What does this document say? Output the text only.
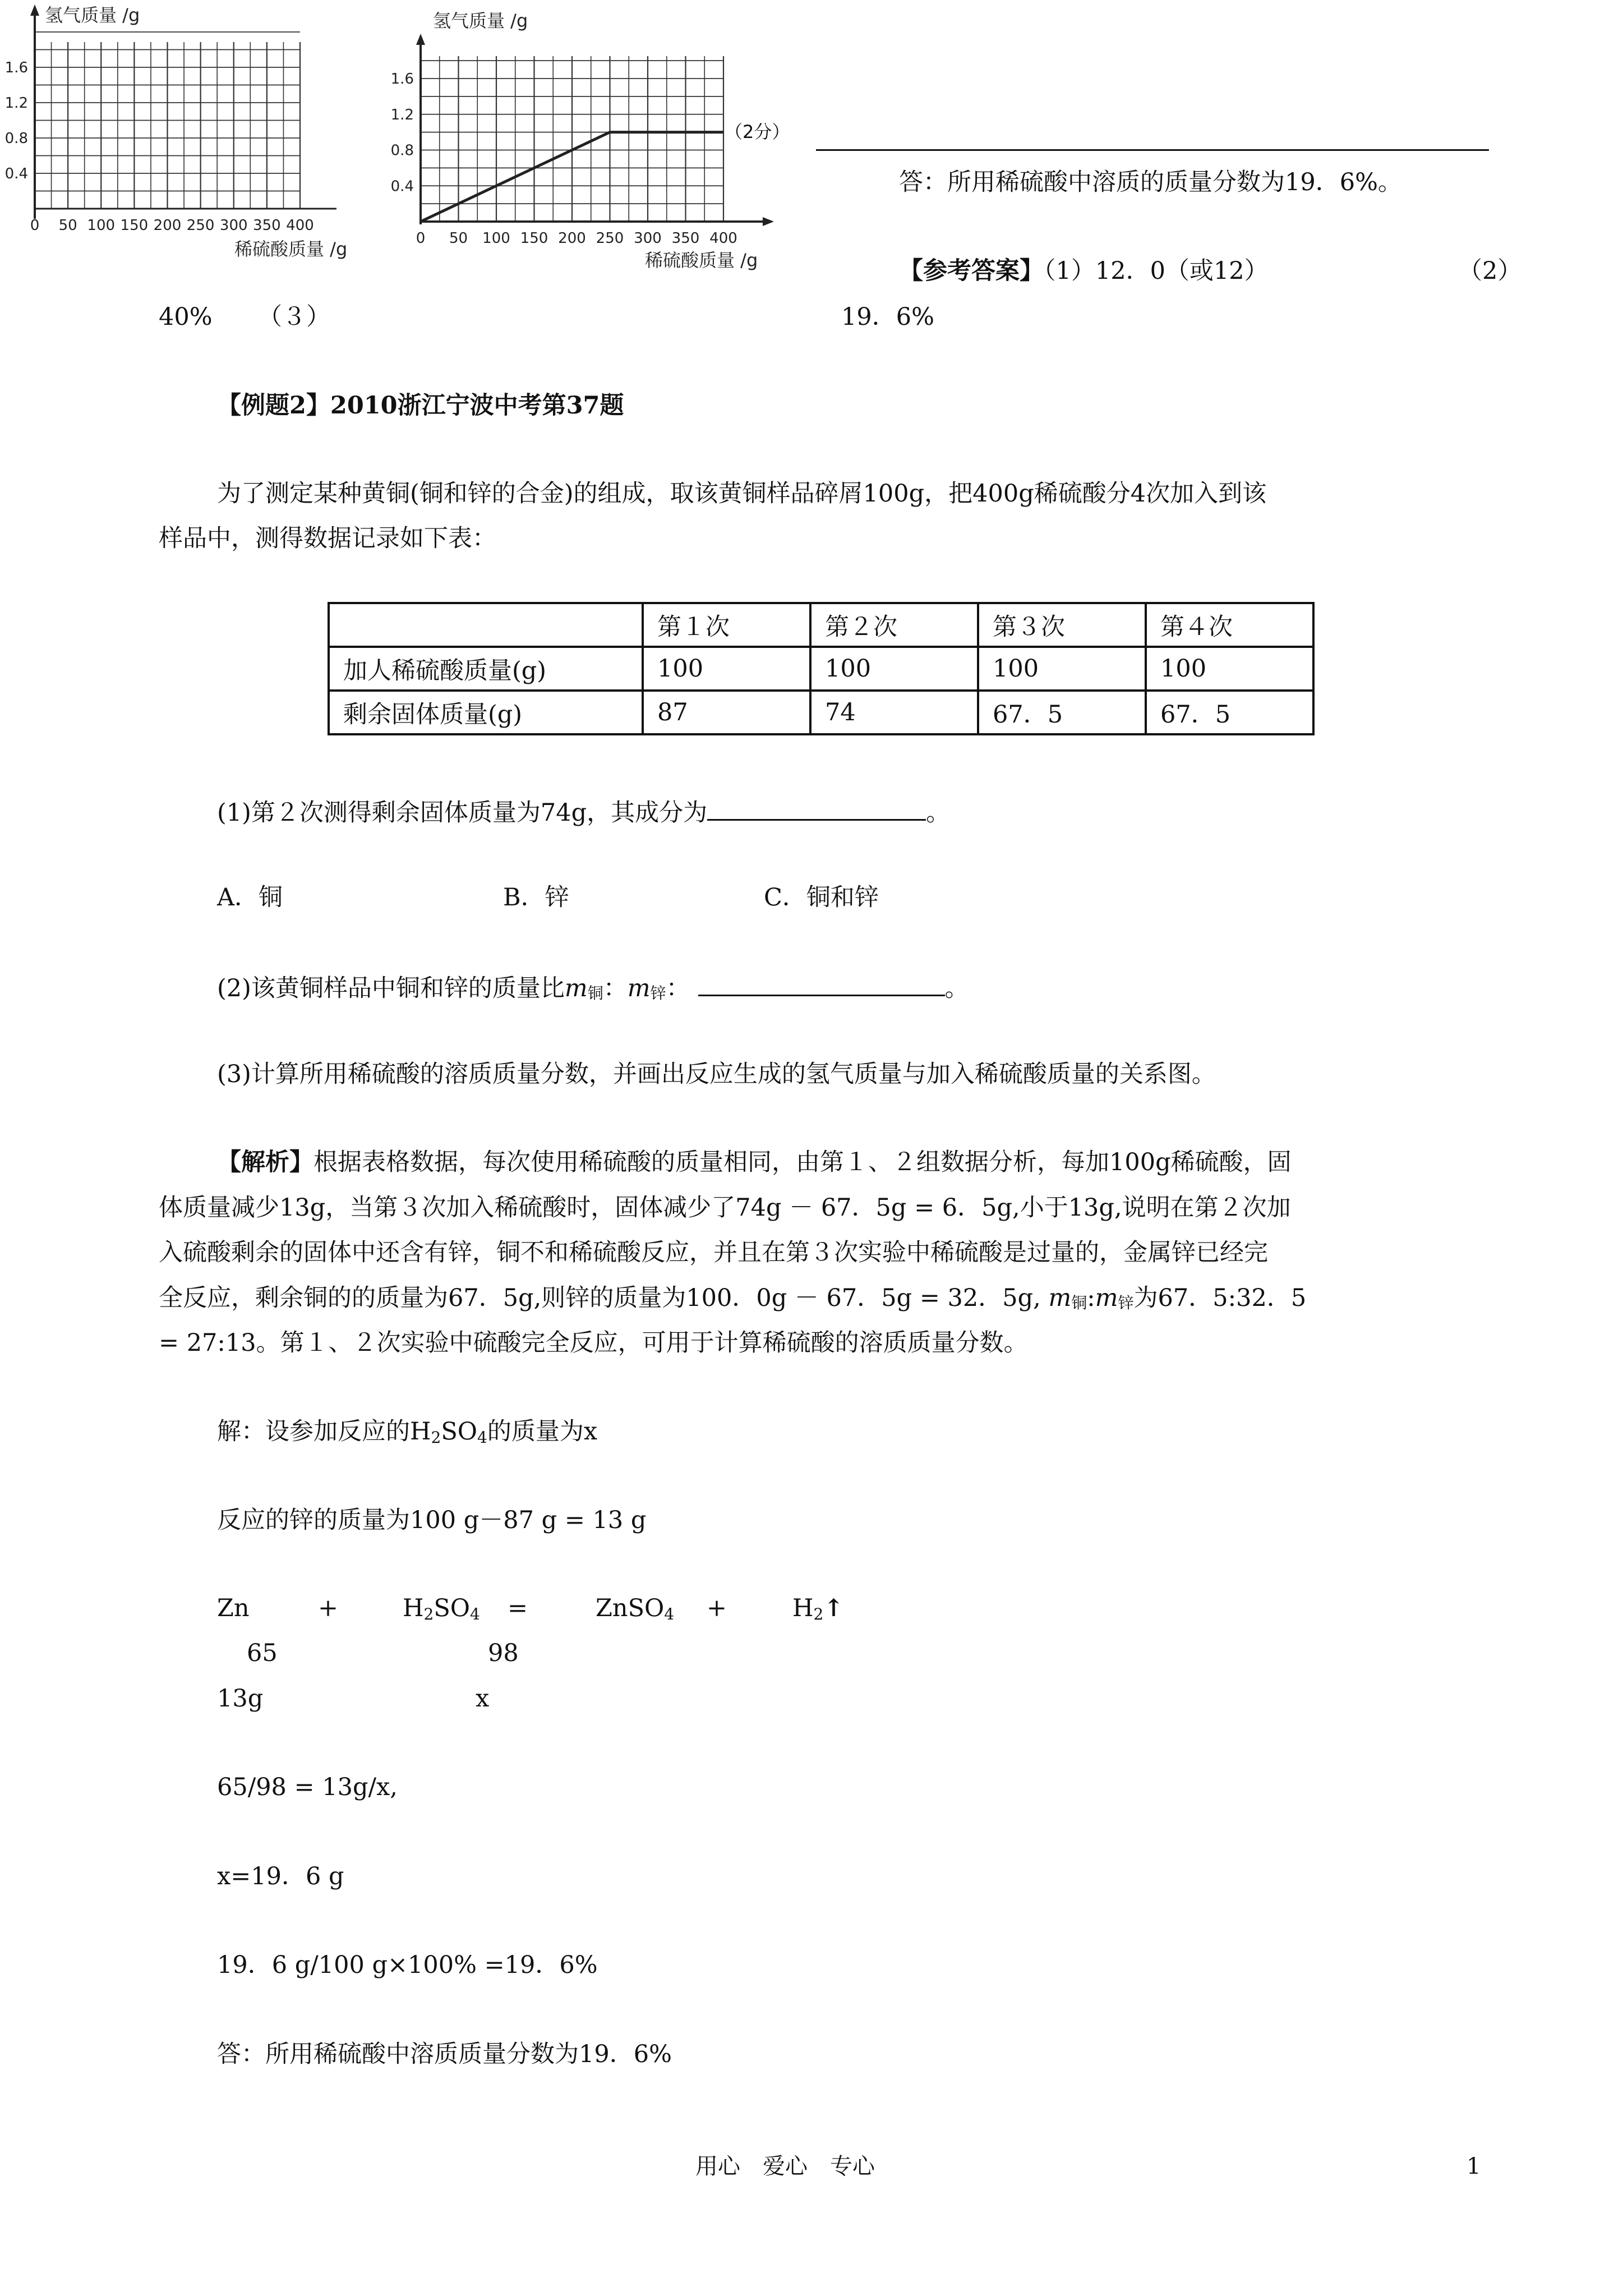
氢气质量 /g
1.6
1.2
0.8
0.4
0 50 100 150 200 250 300 350 400
稀硫酸质量 /g
氢气质量 /g
1.6
1.2
0.8
0.4
0 50 100 150 200 250 300 350 400
稀硫酸质量 /g
（2分）
答：所用稀硫酸中溶质的质量分数为19．6%。
【参考答案】（1）12．0（或12）	（2）
40% （３）	19．6%
【例题2】2010浙江宁波中考第37题
为了测定某种黄铜(铜和锌的合金)的组成，取该黄铜样品碎屑100g，把400g稀硫酸分4次加入到该
样品中，测得数据记录如下表：
	第１次	第２次	第３次	第４次
加人稀硫酸质量(g)	100	100	100	100
剩余固体质量(g)	87	74	67．5	67．5
(1)第２次测得剩余固体质量为74g，其成分为	。
A．铜	B．锌	C．铜和锌
(2)该黄铜样品中铜和锌的质量比m铜：m锌：	。
(3)计算所用稀硫酸的溶质质量分数，并画出反应生成的氢气质量与加入稀硫酸质量的关系图。
【解析】根据表格数据，每次使用稀硫酸的质量相同，由第１、２组数据分析，每加100g稀硫酸，固
体质量减少13g，当第３次加入稀硫酸时，固体减少了74g － 67．5g = 6．5g,小于13g,说明在第２次加
入硫酸剩余的固体中还含有锌，铜不和稀硫酸反应，并且在第３次实验中稀硫酸是过量的，金属锌已经完
全反应，剩余铜的的质量为67．5g,则锌的质量为100．0g － 67．5g = 32．5g, m铜:m锌为67．5:32．5
= 27:13。第１、２次实验中硫酸完全反应，可用于计算稀硫酸的溶质质量分数。
解：设参加反应的$H_2SO_4$的质量为x
反应的锌的质量为100 g－87 g = 13 g
Zn	+	$H_2SO_4$ =	ZnSO$_4$ +	$H_2↑$
65	98
13g	x
65/98 = 13g/x,
x=19．6 g
19．6 g/100 g×100% =19．6%
答：所用稀硫酸中溶质质量分数为19．6%
用心　爱心　专心	1
